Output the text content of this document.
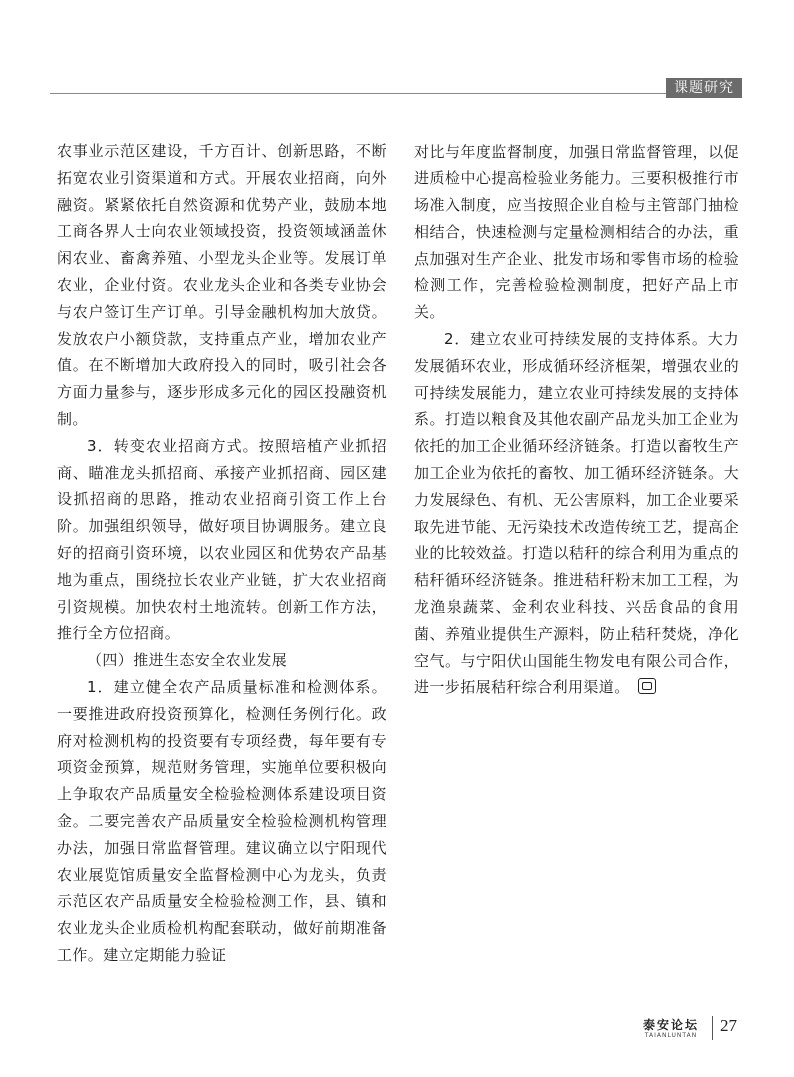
课题研究

农事业示范区建设，千方百计、创新思路，不断拓宽农业引资渠道和方式。开展农业招商，向外融资。紧紧依托自然资源和优势产业，鼓励本地工商各界人士向农业领域投资，投资领域涵盖休闲农业、畜禽养殖、小型龙头企业等。发展订单农业，企业付资。农业龙头企业和各类专业协会与农户签订生产订单。引导金融机构加大放贷。发放农户小额贷款，支持重点产业，增加农业产值。在不断增加大政府投入的同时，吸引社会各方面力量参与，逐步形成多元化的园区投融资机制。

3．转变农业招商方式。按照培植产业抓招商、瞄准龙头抓招商、承接产业抓招商、园区建设抓招商的思路，推动农业招商引资工作上台阶。加强组织领导，做好项目协调服务。建立良好的招商引资环境，以农业园区和优势农产品基地为重点，围绕拉长农业产业链，扩大农业招商引资规模。加快农村土地流转。创新工作方法，推行全方位招商。

（四）推进生态安全农业发展

1．建立健全农产品质量标准和检测体系。一要推进政府投资预算化，检测任务例行化。政府对检测机构的投资要有专项经费，每年要有专项资金预算，规范财务管理，实施单位要积极向上争取农产品质量安全检验检测体系建设项目资金。二要完善农产品质量安全检验检测机构管理办法，加强日常监督管理。建议确立以宁阳现代农业展览馆质量安全监督检测中心为龙头，负责示范区农产品质量安全检验检测工作，县、镇和农业龙头企业质检机构配套联动，做好前期准备工作。建立定期能力验证

对比与年度监督制度，加强日常监督管理，以促进质检中心提高检验业务能力。三要积极推行市场准入制度，应当按照企业自检与主管部门抽检相结合，快速检测与定量检测相结合的办法，重点加强对生产企业、批发市场和零售市场的检验检测工作，完善检验检测制度，把好产品上市关。

2．建立农业可持续发展的支持体系。大力发展循环农业，形成循环经济框架，增强农业的可持续发展能力，建立农业可持续发展的支持体系。打造以粮食及其他农副产品龙头加工企业为依托的加工企业循环经济链条。打造以畜牧生产加工企业为依托的畜牧、加工循环经济链条。大力发展绿色、有机、无公害原料，加工企业要采取先进节能、无污染技术改造传统工艺，提高企业的比较效益。打造以秸秆的综合利用为重点的秸秆循环经济链条。推进秸秆粉末加工工程，为龙渔泉蔬菜、金利农业科技、兴岳食品的食用菌、养殖业提供生产源料，防止秸秆焚烧，净化空气。与宁阳伏山国能生物发电有限公司合作，进一步拓展秸秆综合利用渠道。

泰安论坛
TAIANLUNTAN
27
